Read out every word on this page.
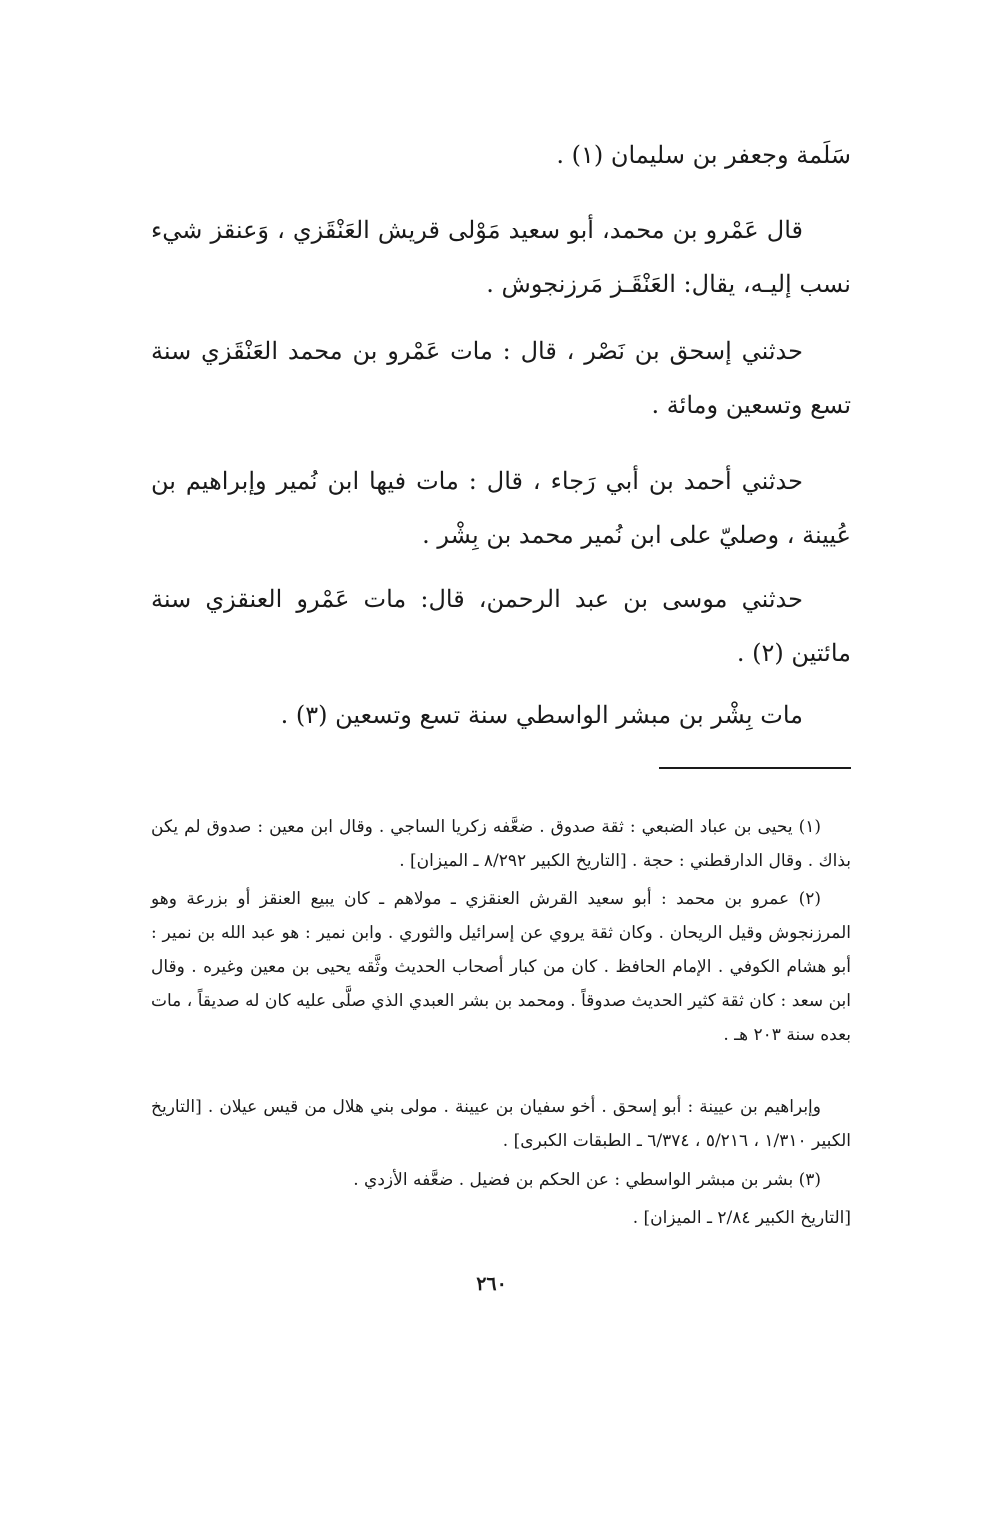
سَلَمة وجعفر بن سليمان (١) .

قال عَمْرو بن محمد، أبو سعيد مَوْلى قريش العَنْقَزي ، وَعنقز شيء نسب إليـه، يقال: العَنْقَـز مَرزنجوش .

حدثني إسحق بن نَصْر ، قال : مات عَمْرو بن محمد العَنْقَزي سنة تسع وتسعين ومائة .

حدثني أحمد بن أبي رَجاء ، قال : مات فيها ابن نُمير وإبراهيم بن عُيينة ، وصليّ على ابن نُمير محمد بن بِشْر .

حدثني موسى بن عبد الرحمن، قال: مات عَمْرو العنقزي سنة مائتين (٢) .

مات بِشْر بن مبشر الواسطي سنة تسع وتسعين (٣) .

(١) يحيى بن عباد الضبعي : ثقة صدوق . ضعَّفه زكريا الساجي . وقال ابن معين : صدوق لم يكن بذاك . وقال الدارقطني : حجة . [التاريخ الكبير ٨/٢٩٢ ـ الميزان] .

(٢) عمرو بن محمد : أبو سعيد القرش العنقزي ـ مولاهم ـ كان يبيع العنقز أو بزرعة وهو المرزنجوش وقيل الريحان . وكان ثقة يروي عن إسرائيل والثوري . وابن نمير : هو عبد الله بن نمير : أبو هشام الكوفي . الإمام الحافظ . كان من كبار أصحاب الحديث وثَّقه يحيى بن معين وغيره . وقال ابن سعد : كان ثقة كثير الحديث صدوقاً . ومحمد بن بشر العبدي الذي صلَّى عليه كان له صديقاً ، مات بعده سنة ٢٠٣ هـ .

وإبراهيم بن عيينة : أبو إسحق . أخو سفيان بن عيينة . مولى بني هلال من قيس عيلان . [التاريخ الكبير ١/٣١٠ ، ٥/٢١٦ ، ٦/٣٧٤ ـ الطبقات الكبرى] .

(٣) بشر بن مبشر الواسطي : عن الحكم بن فضيل . ضعَّفه الأزدي .

[التاريخ الكبير ٢/٨٤ ـ الميزان] .

٢٦٠
